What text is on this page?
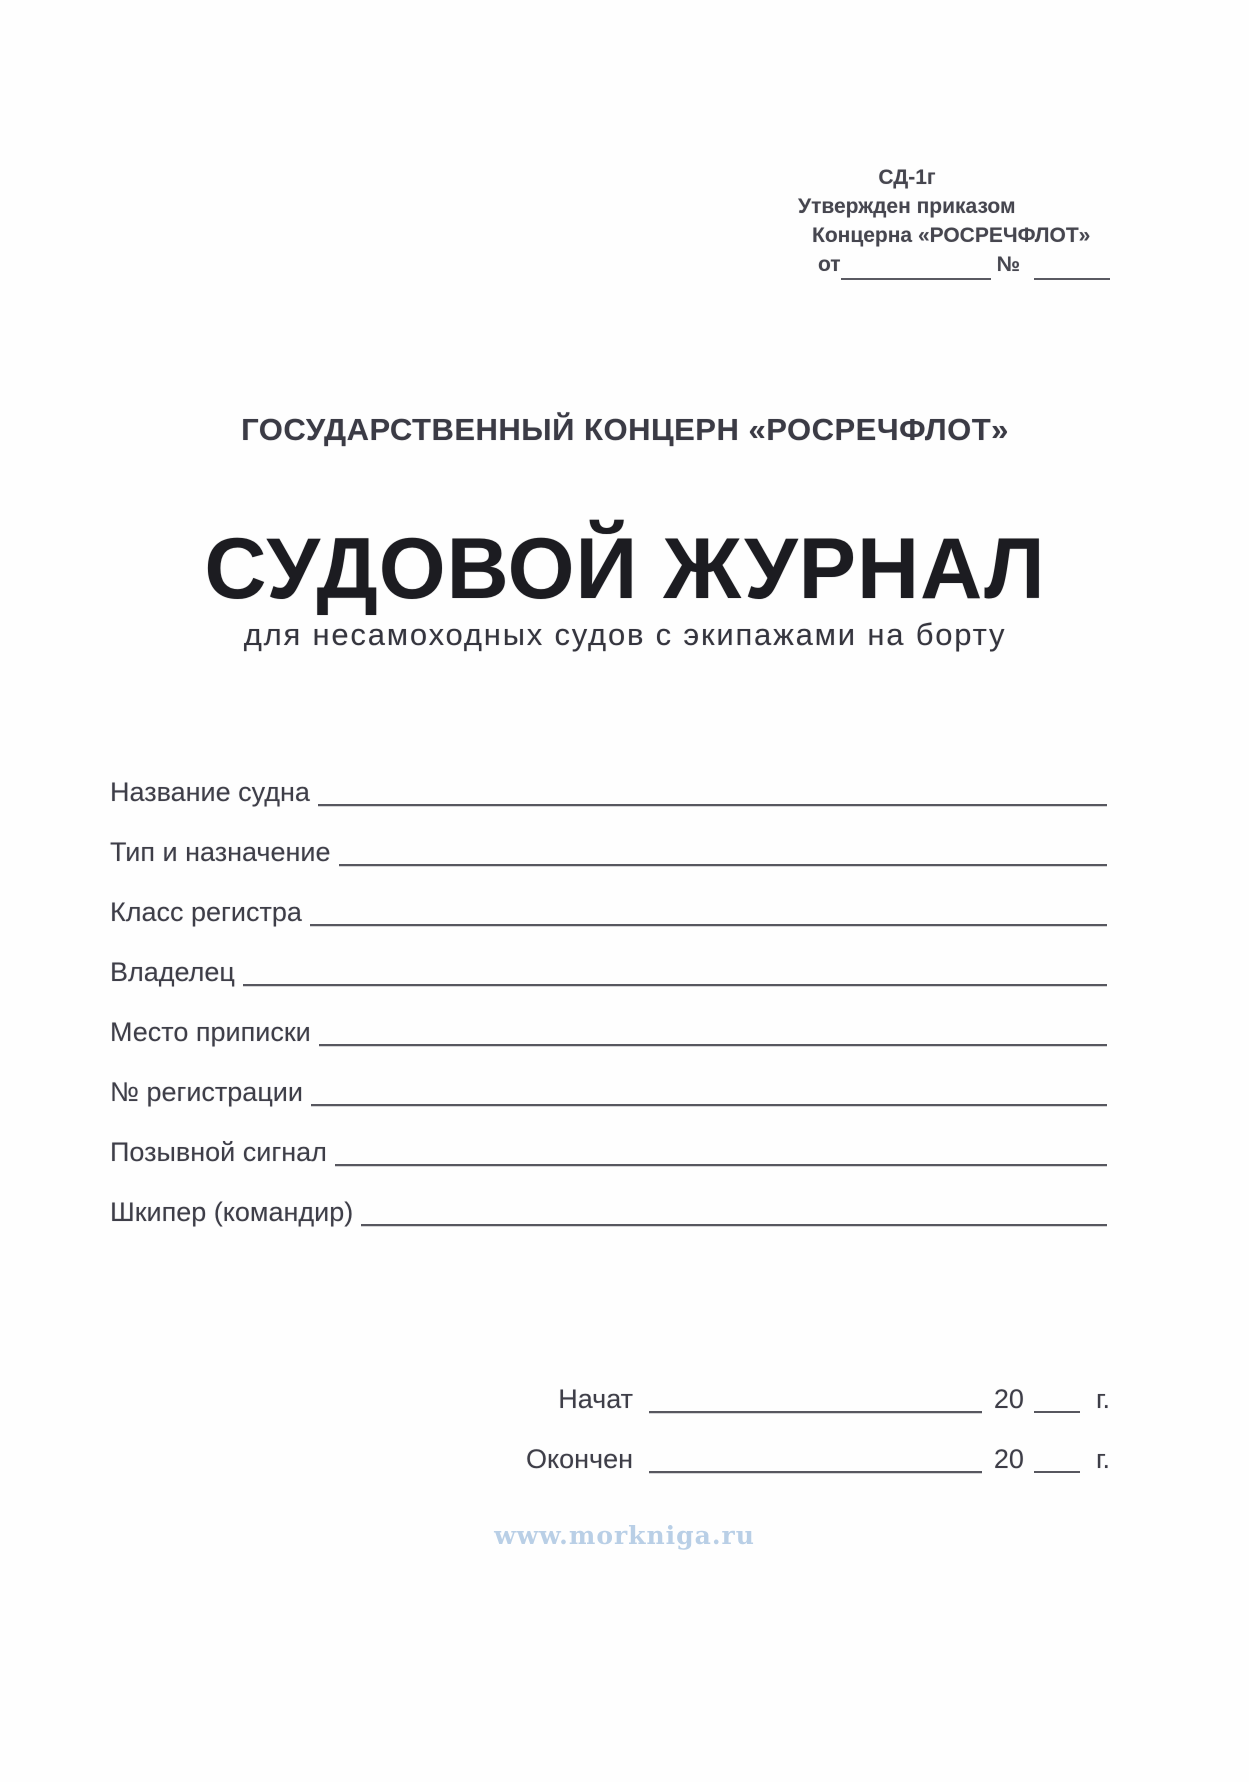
СД-1г
Утвержден приказом
Концерна «РОСРЕЧФЛОТ»
от	№
ГОСУДАРСТВЕННЫЙ КОНЦЕРН «РОСРЕЧФЛОТ»
СУДОВОЙ ЖУРНАЛ
для несамоходных судов с экипажами на борту
Название судна
Тип и назначение
Класс регистра
Владелец
Место приписки
№ регистрации
Позывной сигнал
Шкипер (командир)
Начат	20	г.
Окончен	20	г.
www.morkniga.ru
